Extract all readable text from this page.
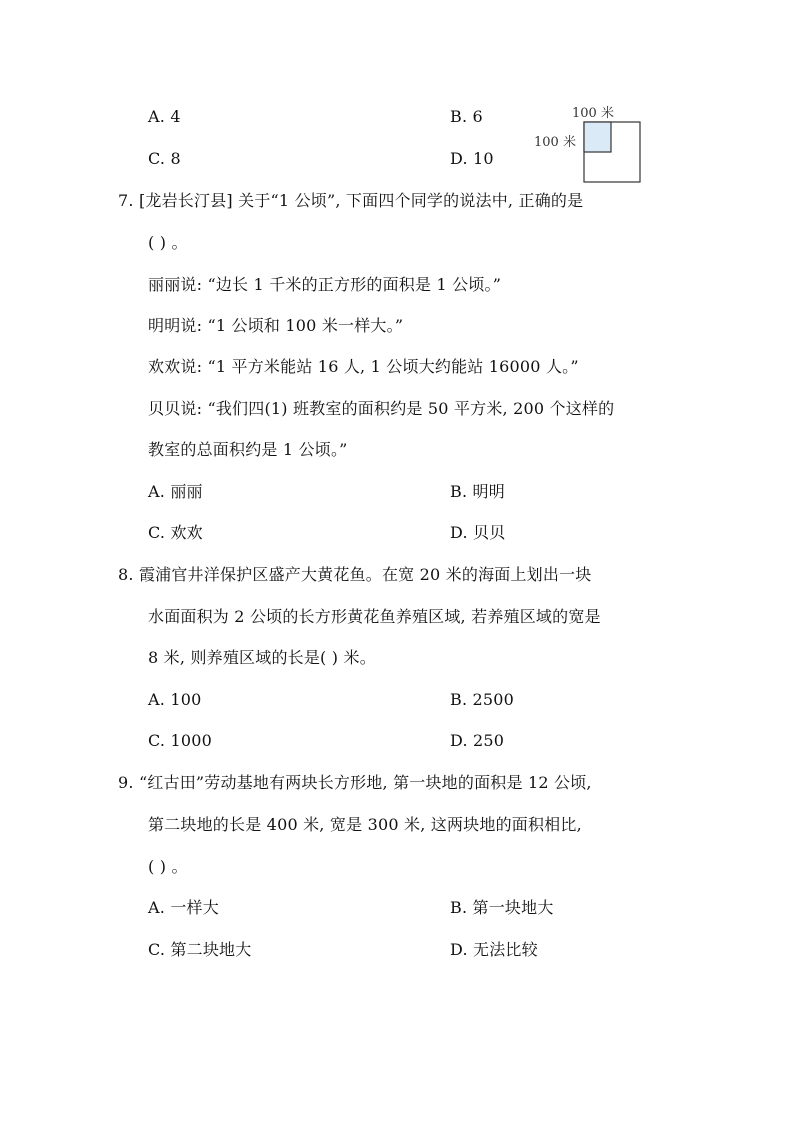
A. 4	B. 6
C. 8	D. 10
100 米
100 米
7. [龙岩长汀县] 关于“1 公顷”, 下面四个同学的说法中, 正确的是
( ) 。
丽丽说: “边长 1 千米的正方形的面积是 1 公顷。”
明明说: “1 公顷和 100 米一样大。”
欢欢说: “1 平方米能站 16 人, 1 公顷大约能站 16000 人。”
贝贝说: “我们四(1) 班教室的面积约是 50 平方米, 200 个这样的
教室的总面积约是 1 公顷。”
A. 丽丽	B. 明明
C. 欢欢	D. 贝贝
8. 霞浦官井洋保护区盛产大黄花鱼。在宽 20 米的海面上划出一块
水面面积为 2 公顷的长方形黄花鱼养殖区域, 若养殖区域的宽是
8 米, 则养殖区域的长是( ) 米。
A. 100	B. 2500
C. 1000	D. 250
9. “红古田”劳动基地有两块长方形地, 第一块地的面积是 12 公顷,
第二块地的长是 400 米, 宽是 300 米, 这两块地的面积相比,
( ) 。
A. 一样大	B. 第一块地大
C. 第二块地大	D. 无法比较
